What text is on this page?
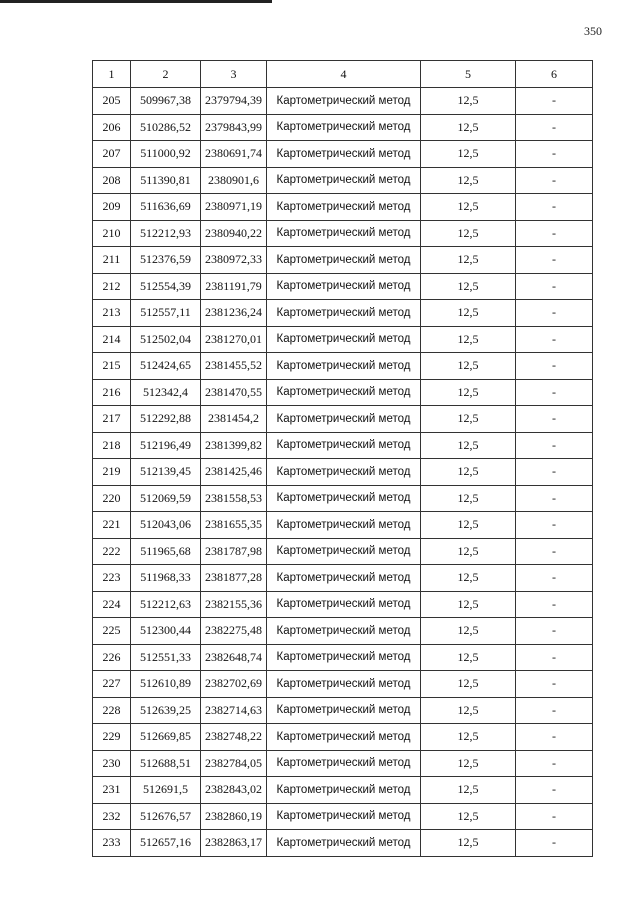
350
1	2	3	4	5	6
205	509967,38	2379794,39	Картометрический метод	12,5	-
206	510286,52	2379843,99	Картометрический метод	12,5	-
207	511000,92	2380691,74	Картометрический метод	12,5	-
208	511390,81	2380901,6	Картометрический метод	12,5	-
209	511636,69	2380971,19	Картометрический метод	12,5	-
210	512212,93	2380940,22	Картометрический метод	12,5	-
211	512376,59	2380972,33	Картометрический метод	12,5	-
212	512554,39	2381191,79	Картометрический метод	12,5	-
213	512557,11	2381236,24	Картометрический метод	12,5	-
214	512502,04	2381270,01	Картометрический метод	12,5	-
215	512424,65	2381455,52	Картометрический метод	12,5	-
216	512342,4	2381470,55	Картометрический метод	12,5	-
217	512292,88	2381454,2	Картометрический метод	12,5	-
218	512196,49	2381399,82	Картометрический метод	12,5	-
219	512139,45	2381425,46	Картометрический метод	12,5	-
220	512069,59	2381558,53	Картометрический метод	12,5	-
221	512043,06	2381655,35	Картометрический метод	12,5	-
222	511965,68	2381787,98	Картометрический метод	12,5	-
223	511968,33	2381877,28	Картометрический метод	12,5	-
224	512212,63	2382155,36	Картометрический метод	12,5	-
225	512300,44	2382275,48	Картометрический метод	12,5	-
226	512551,33	2382648,74	Картометрический метод	12,5	-
227	512610,89	2382702,69	Картометрический метод	12,5	-
228	512639,25	2382714,63	Картометрический метод	12,5	-
229	512669,85	2382748,22	Картометрический метод	12,5	-
230	512688,51	2382784,05	Картометрический метод	12,5	-
231	512691,5	2382843,02	Картометрический метод	12,5	-
232	512676,57	2382860,19	Картометрический метод	12,5	-
233	512657,16	2382863,17	Картометрический метод	12,5	-
